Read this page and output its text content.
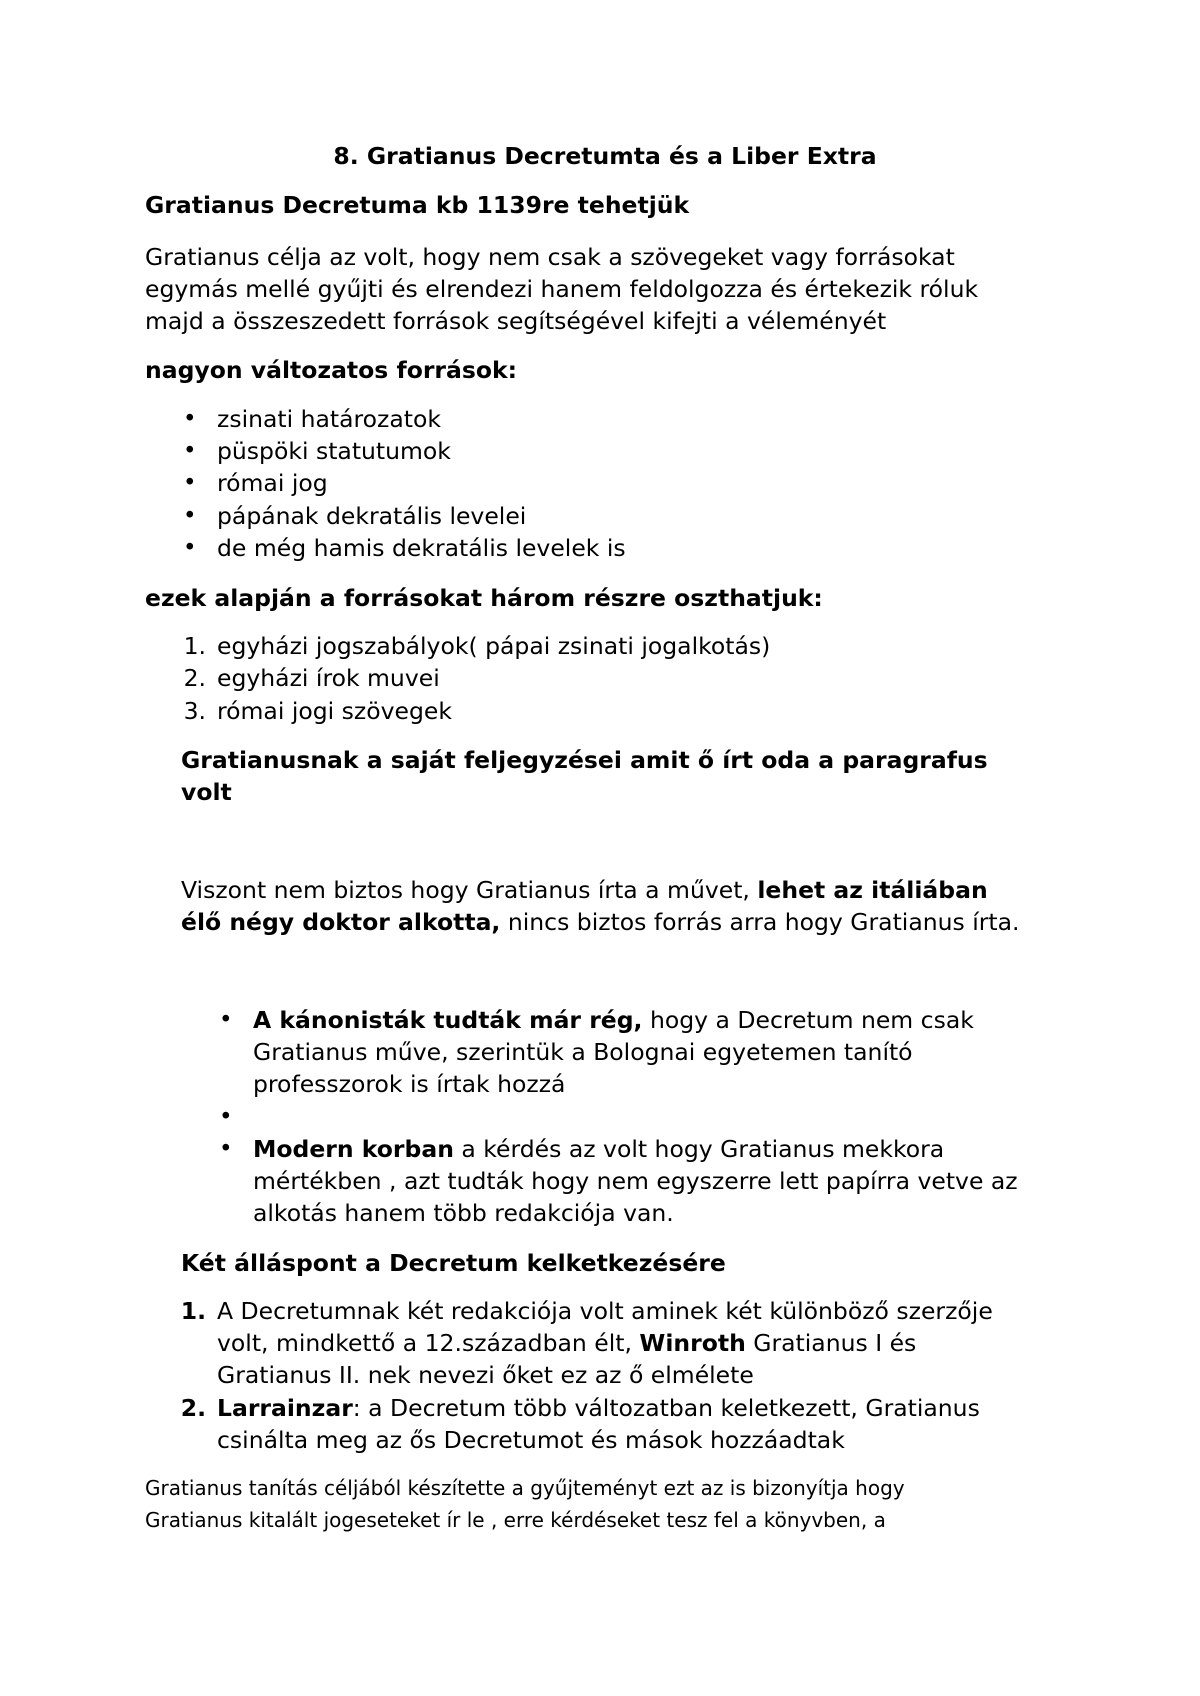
8. Gratianus Decretumta és a Liber Extra
Gratianus Decretuma kb 1139re tehetjük
Gratianus célja az volt, hogy nem csak a szövegeket vagy forrásokat
egymás mellé gyűjti és elrendezi hanem feldolgozza és értekezik róluk
majd a összeszedett források segítségével kifejti a véleményét
nagyon változatos források:
• zsinati határozatok
• püspöki statutumok
• római jog
• pápának dekratális levelei
• de még hamis dekratális levelek is
ezek alapján a forrásokat három részre oszthatjuk:
1. egyházi jogszabályok( pápai zsinati jogalkotás)
2. egyházi írok muvei
3. római jogi szövegek
Gratianusnak a saját feljegyzései amit ő írt oda a paragrafus
volt
Viszont nem biztos hogy Gratianus írta a művet, lehet az itáliában
élő négy doktor alkotta, nincs biztos forrás arra hogy Gratianus írta.
• A kánonisták tudták már rég, hogy a Decretum nem csak
Gratianus műve, szerintük a Bolognai egyetemen tanító
professzorok is írtak hozzá
•
• Modern korban a kérdés az volt hogy Gratianus mekkora
mértékben , azt tudták hogy nem egyszerre lett papírra vetve az
alkotás hanem több redakciója van.
Két álláspont a Decretum kelketkezésére
1. A Decretumnak két redakciója volt aminek két különböző szerzője
volt, mindkettő a 12.században élt, Winroth Gratianus I és
Gratianus II. nek nevezi őket ez az ő elmélete
2. Larrainzar: a Decretum több változatban keletkezett, Gratianus
csinálta meg az ős Decretumot és mások hozzáadtak
Gratianus tanítás céljából készítette a gyűjteményt ezt az is bizonyítja hogy
Gratianus kitalált jogeseteket ír le , erre kérdéseket tesz fel a könyvben, a
